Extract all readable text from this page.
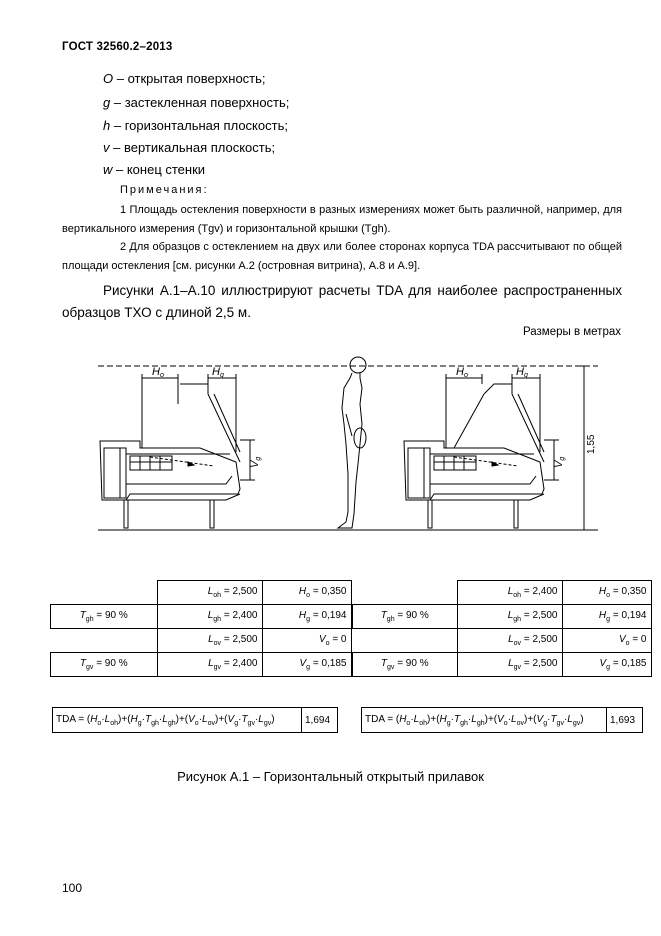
ГОСТ 32560.2–2013
O – открытая поверхность;
g – застекленная поверхность;
h – горизонтальная плоскость;
v – вертикальная плоскость;
w – конец стенки
Примечания:
1 Площадь остекления поверхности в разных измерениях может быть различной, например, для вертикального измерения (Tgv) и горизонтальной крышки (Tgh).
2 Для образцов с остеклением на двух или более сторонах корпуса TDA рассчитывают по общей площади остекления [см. рисунки А.2 (островная витрина), А.8 и А.9].
Рисунки А.1–А.10 иллюстрируют расчеты TDA для наиболее распространенных образцов ТХО с длиной 2,5 м.
Размеры в метрах
Ho	Hg
Vg
Ho	Hg
Vg
1,55
	$L_{oh} = 2,500$	$H_o = 0,350$
$T_{gh} = 90$ %	$L_{gh} = 2,400$	$H_g = 0,194$
	$L_{ov} = 2,500$	$V_o = 0$
$T_{gv} = 90$ %	$L_{gv} = 2,400$	$V_g = 0,185$
	$L_{oh} = 2,400$	$H_o = 0,350$
$T_{gh} = 90$ %	$L_{gh} = 2,500$	$H_g = 0,194$
	$L_{ov} = 2,500$	$V_o = 0$
$T_{gv} = 90$ %	$L_{gv} = 2,500$	$V_g = 0,185$
TDA = $(H_o\cdot L_{oh})+(H_g\cdot T_{gh}\cdot L_{gh})+(V_o\cdot L_{ov})+(V_g\cdot T_{gv}\cdot L_{gv})$	1,694	TDA = $(H_o\cdot L_{oh})+(H_g\cdot T_{gh}\cdot L_{gh})+(V_o\cdot L_{ov})+(V_g\cdot T_{gv}\cdot L_{gv})$	1,693
Рисунок А.1 – Горизонтальный открытый прилавок
100
